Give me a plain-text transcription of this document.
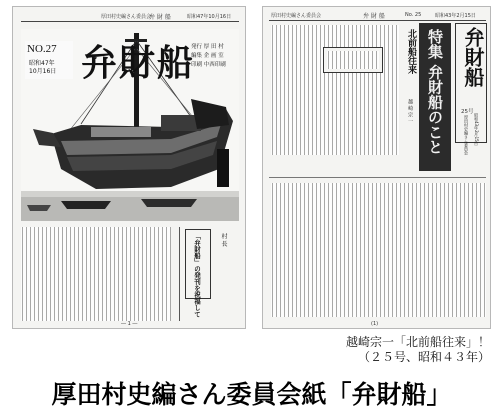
厚田村史編さん委員会
弁 財 船	昭和47年10月16日
NO.27
昭和47年
10月16日 弁財船
発行 厚 田 村
編集 企 画 室
印刷 中西印刷
「弁財船」の発刊を祝福して	村 長
― 1 ―
厚田村史編さん委員会	弁 財 船	No. 25	昭和43年2月15日
弁財船
25号
昭和43年2月15日
厚田村史編さん委員会
特集 弁財船のこと
北前船往来
越 崎 宗 一
(1)
越崎宗一「北前船往来」！
（２５号、昭和４３年）
厚田村史編さん委員会紙「弁財船」
